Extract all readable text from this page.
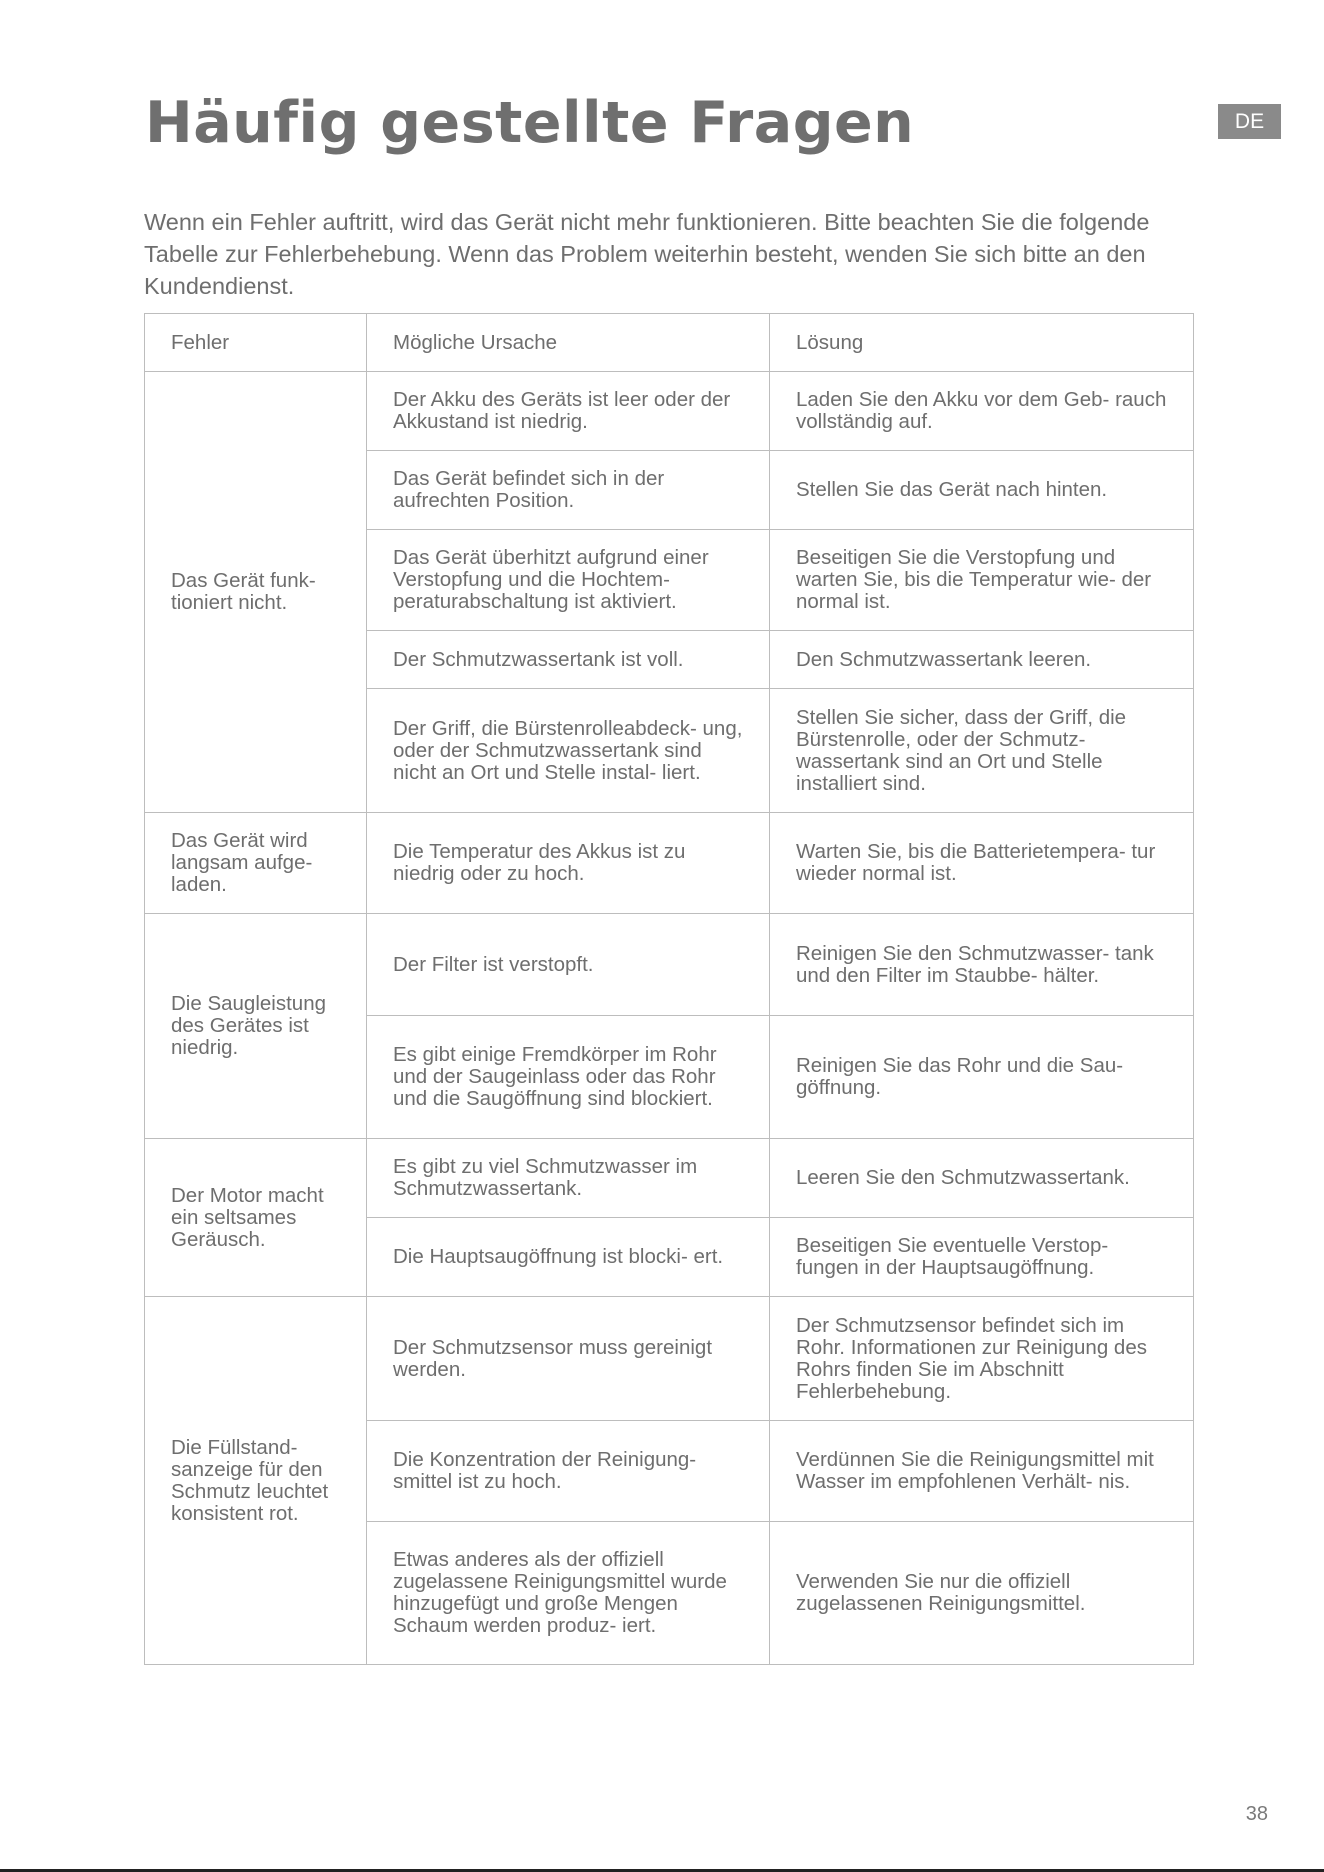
Häufig gestellte Fragen	DE

Wenn ein Fehler auftritt, wird das Gerät nicht mehr funktionieren. Bitte beachten Sie die folgende Tabelle zur Fehlerbehebung. Wenn das Problem weiterhin besteht, wenden Sie sich bitte an den Kundendienst.

Fehler	Mögliche Ursache	Lösung
Das Gerät funk- tioniert nicht.	Der Akku des Geräts ist leer oder der Akkustand ist niedrig.	Laden Sie den Akku vor dem Geb- rauch vollständig auf.
	Das Gerät befindet sich in der aufrechten Position.	Stellen Sie das Gerät nach hinten.
	Das Gerät überhitzt aufgrund einer Verstopfung und die Hochtem- peraturabschaltung ist aktiviert.	Beseitigen Sie die Verstopfung und warten Sie, bis die Temperatur wie- der normal ist.
	Der Schmutzwassertank ist voll.	Den Schmutzwassertank leeren.
	Der Griff, die Bürstenrolleabdeck- ung, oder der Schmutzwassertank sind nicht an Ort und Stelle instal- liert.	Stellen Sie sicher, dass der Griff, die Bürstenrolle, oder der Schmutz- wassertank sind an Ort und Stelle installiert sind.
Das Gerät wird langsam aufge- laden.	Die Temperatur des Akkus ist zu niedrig oder zu hoch.	Warten Sie, bis die Batterietempera- tur wieder normal ist.
Die Saugleistung des Gerätes ist niedrig.	Der Filter ist verstopft.	Reinigen Sie den Schmutzwasser- tank und den Filter im Staubbe- hälter.
	Es gibt einige Fremdkörper im Rohr und der Saugeinlass oder das Rohr und die Saugöffnung sind blockiert.	Reinigen Sie das Rohr und die Sau- göffnung.
Der Motor macht ein seltsames Geräusch.	Es gibt zu viel Schmutzwasser im Schmutzwassertank.	Leeren Sie den Schmutzwassertank.
	Die Hauptsaugöffnung ist blocki- ert.	Beseitigen Sie eventuelle Verstop- fungen in der Hauptsaugöffnung.
Die Füllstand- sanzeige für den Schmutz leuchtet konsistent rot.	Der Schmutzsensor muss gereinigt werden.	Der Schmutzsensor befindet sich im Rohr. Informationen zur Reinigung des Rohrs finden Sie im Abschnitt Fehlerbehebung.
	Die Konzentration der Reinigung- smittel ist zu hoch.	Verdünnen Sie die Reinigungsmittel mit Wasser im empfohlenen Verhält- nis.
	Etwas anderes als der offiziell zugelassene Reinigungsmittel wurde hinzugefügt und große Mengen Schaum werden produz- iert.	Verwenden Sie nur die offiziell zugelassenen Reinigungsmittel.
38
